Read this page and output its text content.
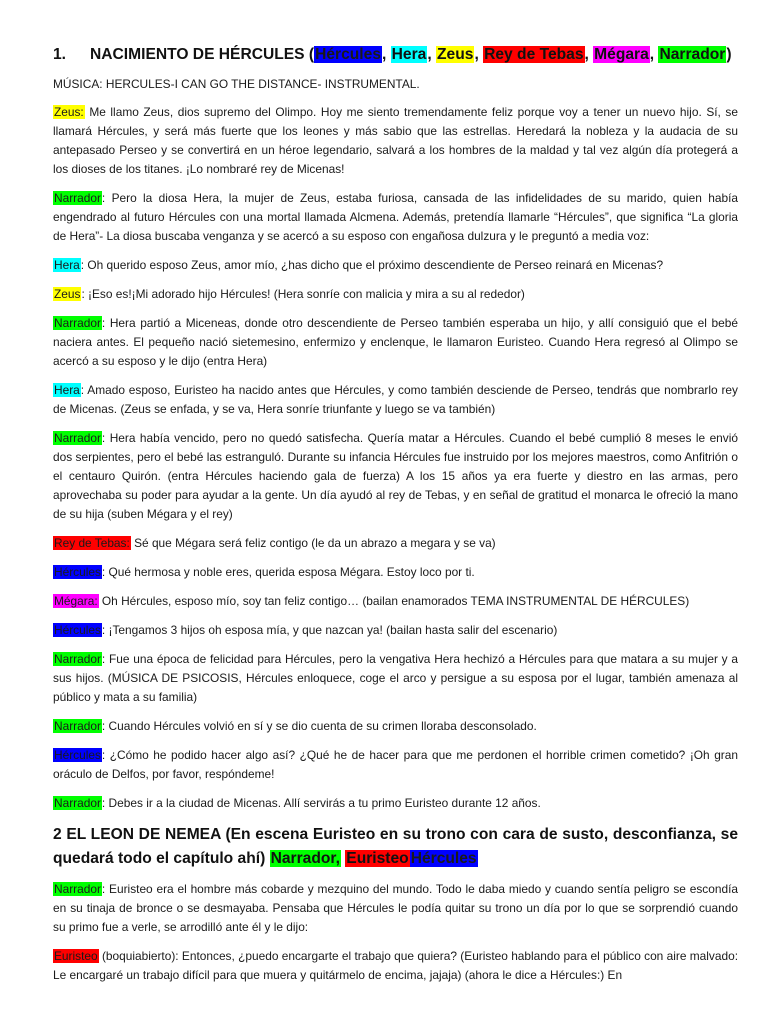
1. NACIMIENTO DE HÉRCULES (Hércules, Hera, Zeus, Rey de Tebas, Mégara, Narrador)

MÚSICA: HERCULES-I CAN GO THE DISTANCE- INSTRUMENTAL.

Zeus: Me llamo Zeus, dios supremo del Olimpo. Hoy me siento tremendamente feliz porque voy a tener un nuevo hijo. Sí, se llamará Hércules, y será más fuerte que los leones y más sabio que las estrellas. Heredará la nobleza y la audacia de su antepasado Perseo y se convertirá en un héroe legendario, salvará a los hombres de la maldad y tal vez algún día protegerá a los dioses de los titanes. ¡Lo nombraré rey de Micenas!

Narrador: Pero la diosa Hera, la mujer de Zeus, estaba furiosa, cansada de las infidelidades de su marido, quien había engendrado al futuro Hércules con una mortal llamada Alcmena. Además, pretendía llamarle “Hércules”, que significa “La gloria de Hera”- La diosa buscaba venganza y se acercó a su esposo con engañosa dulzura y le preguntó a media voz:

Hera: Oh querido esposo Zeus, amor mío, ¿has dicho que el próximo descendiente de Perseo reinará en Micenas?

Zeus: ¡Eso es!¡Mi adorado hijo Hércules! (Hera sonríe con malicia y mira a su al rededor)

Narrador: Hera partió a Miceneas, donde otro descendiente de Perseo también esperaba un hijo, y allí consiguió que el bebé naciera antes. El pequeño nació sietemesino, enfermizo y enclenque, le llamaron Euristeo. Cuando Hera regresó al Olimpo se acercó a su esposo y le dijo (entra Hera)

Hera: Amado esposo, Euristeo ha nacido antes que Hércules, y como también desciende de Perseo, tendrás que nombrarlo rey de Micenas. (Zeus se enfada, y se va, Hera sonríe triunfante y luego se va también)

Narrador: Hera había vencido, pero no quedó satisfecha. Quería matar a Hércules. Cuando el bebé cumplió 8 meses le envió dos serpientes, pero el bebé las estranguló. Durante su infancia Hércules fue instruido por los mejores maestros, como Anfitrión o el centauro Quirón. (entra Hércules haciendo gala de fuerza) A los 15 años ya era fuerte y diestro en las armas, pero aprovechaba su poder para ayudar a la gente. Un día ayudó al rey de Tebas, y en señal de gratitud el monarca le ofreció la mano de su hija (suben Mégara y el rey)

Rey de Tebas: Sé que Mégara será feliz contigo (le da un abrazo a megara y se va)

Hércules: Qué hermosa y noble eres, querida esposa Mégara. Estoy loco por ti.

Mégara: Oh Hércules, esposo mío, soy tan feliz contigo… (bailan enamorados TEMA INSTRUMENTAL DE HÉRCULES)

Hércules: ¡Tengamos 3 hijos oh esposa mía, y que nazcan ya! (bailan hasta salir del escenario)

Narrador: Fue una época de felicidad para Hércules, pero la vengativa Hera hechizó a Hércules para que matara a su mujer y a sus hijos. (MÚSICA DE PSICOSIS, Hércules enloquece, coge el arco y persigue a su esposa por el lugar, también amenaza al público y mata a su familia)

Narrador: Cuando Hércules volvió en sí y se dio cuenta de su crimen lloraba desconsolado.

Hércules: ¿Cómo he podido hacer algo así? ¿Qué he de hacer para que me perdonen el horrible crimen cometido? ¡Oh gran oráculo de Delfos, por favor, respóndeme!

Narrador: Debes ir a la ciudad de Micenas. Allí servirás a tu primo Euristeo durante 12 años.

2 EL LEON DE NEMEA (En escena Euristeo en su trono con cara de susto, desconfianza, se quedará todo el capítulo ahí) Narrador, Euristeo Hércules

Narrador: Euristeo era el hombre más cobarde y mezquino del mundo. Todo le daba miedo y cuando sentía peligro se escondía en su tinaja de bronce o se desmayaba. Pensaba que Hércules le podía quitar su trono un día por lo que se sorprendió cuando su primo fue a verle, se arrodilló ante él y le dijo:

Euristeo (boquiabierto): Entonces, ¿puedo encargarte el trabajo que quiera? (Euristeo hablando para el público con aire malvado: Le encargaré un trabajo difícil para que muera y quitármelo de encima, jajaja) (ahora le dice a Hércules:) En
